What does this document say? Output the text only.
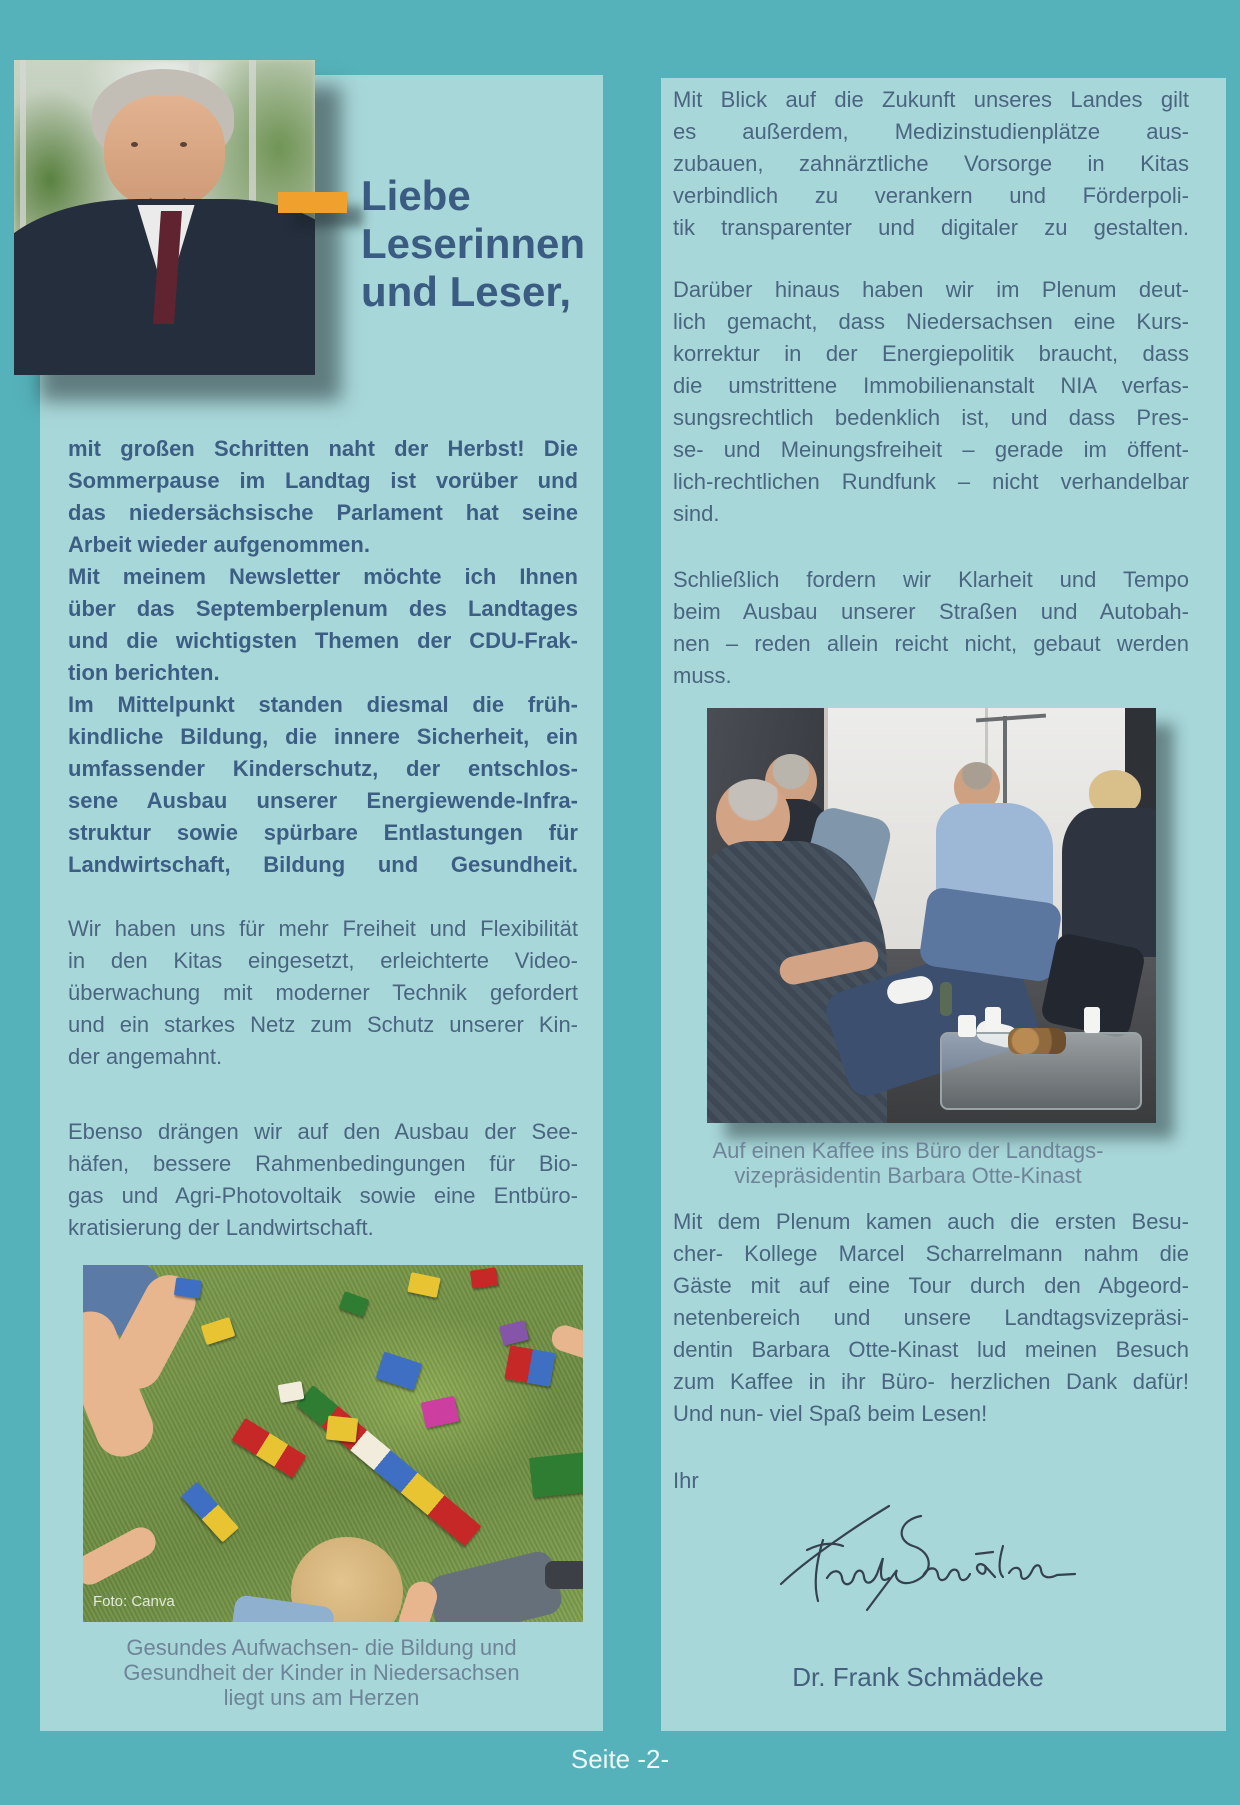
mit großen Schritten naht der Herbst! Die
Sommerpause im Landtag ist vorüber und
das niedersächsische Parlament hat seine
Arbeit wieder aufgenommen.
Mit meinem Newsletter möchte ich Ihnen
über das Septemberplenum des Landtages
und die wichtigsten Themen der CDU-Frak-
tion berichten.
Im Mittelpunkt standen diesmal die früh-
kindliche Bildung, die innere Sicherheit, ein
umfassender Kinderschutz, der entschlos-
sene Ausbau unserer Energiewende-Infra-
struktur sowie spürbare Entlastungen für
Landwirtschaft, Bildung und Gesundheit.
Wir haben uns für mehr Freiheit und Flexibilität
in den Kitas eingesetzt, erleichterte Video-
überwachung mit moderner Technik gefordert
und ein starkes Netz zum Schutz unserer Kin-
der angemahnt.
Ebenso drängen wir auf den Ausbau der See-
häfen, bessere Rahmenbedingungen für Bio-
gas und Agri-Photovoltaik sowie eine Entbüro-
kratisierung der Landwirtschaft.
Foto: Canva
Gesundes Aufwachsen- die Bildung und
Gesundheit der Kinder in Niedersachsen
liegt uns am Herzen
Mit Blick auf die Zukunft unseres Landes gilt
es außerdem, Medizinstudienplätze aus-
zubauen, zahnärztliche Vorsorge in Kitas
verbindlich zu verankern und Förderpoli-
tik transparenter und digitaler zu gestalten.
Darüber hinaus haben wir im Plenum deut-
lich gemacht, dass Niedersachsen eine Kurs-
korrektur in der Energiepolitik braucht, dass
die umstrittene Immobilienanstalt NIA verfas-
sungsrechtlich bedenklich ist, und dass Pres-
se- und Meinungsfreiheit – gerade im öffent-
lich-rechtlichen Rundfunk – nicht verhandelbar
sind.
Schließlich fordern wir Klarheit und Tempo
beim Ausbau unserer Straßen und Autobah-
nen – reden allein reicht nicht, gebaut werden
muss.
Auf einen Kaffee ins Büro der Landtags-
vizepräsidentin Barbara Otte-Kinast
Mit dem Plenum kamen auch die ersten Besu-
cher- Kollege Marcel Scharrelmann nahm die
Gäste mit auf eine Tour durch den Abgeord-
netenbereich und unsere Landtagsvizepräsi-
dentin Barbara Otte-Kinast lud meinen Besuch
zum Kaffee in ihr Büro- herzlichen Dank dafür!
Und nun- viel Spaß beim Lesen!
Ihr
Dr. Frank Schmädeke
Liebe
Leserinnen
und Leser,
Seite -2-
